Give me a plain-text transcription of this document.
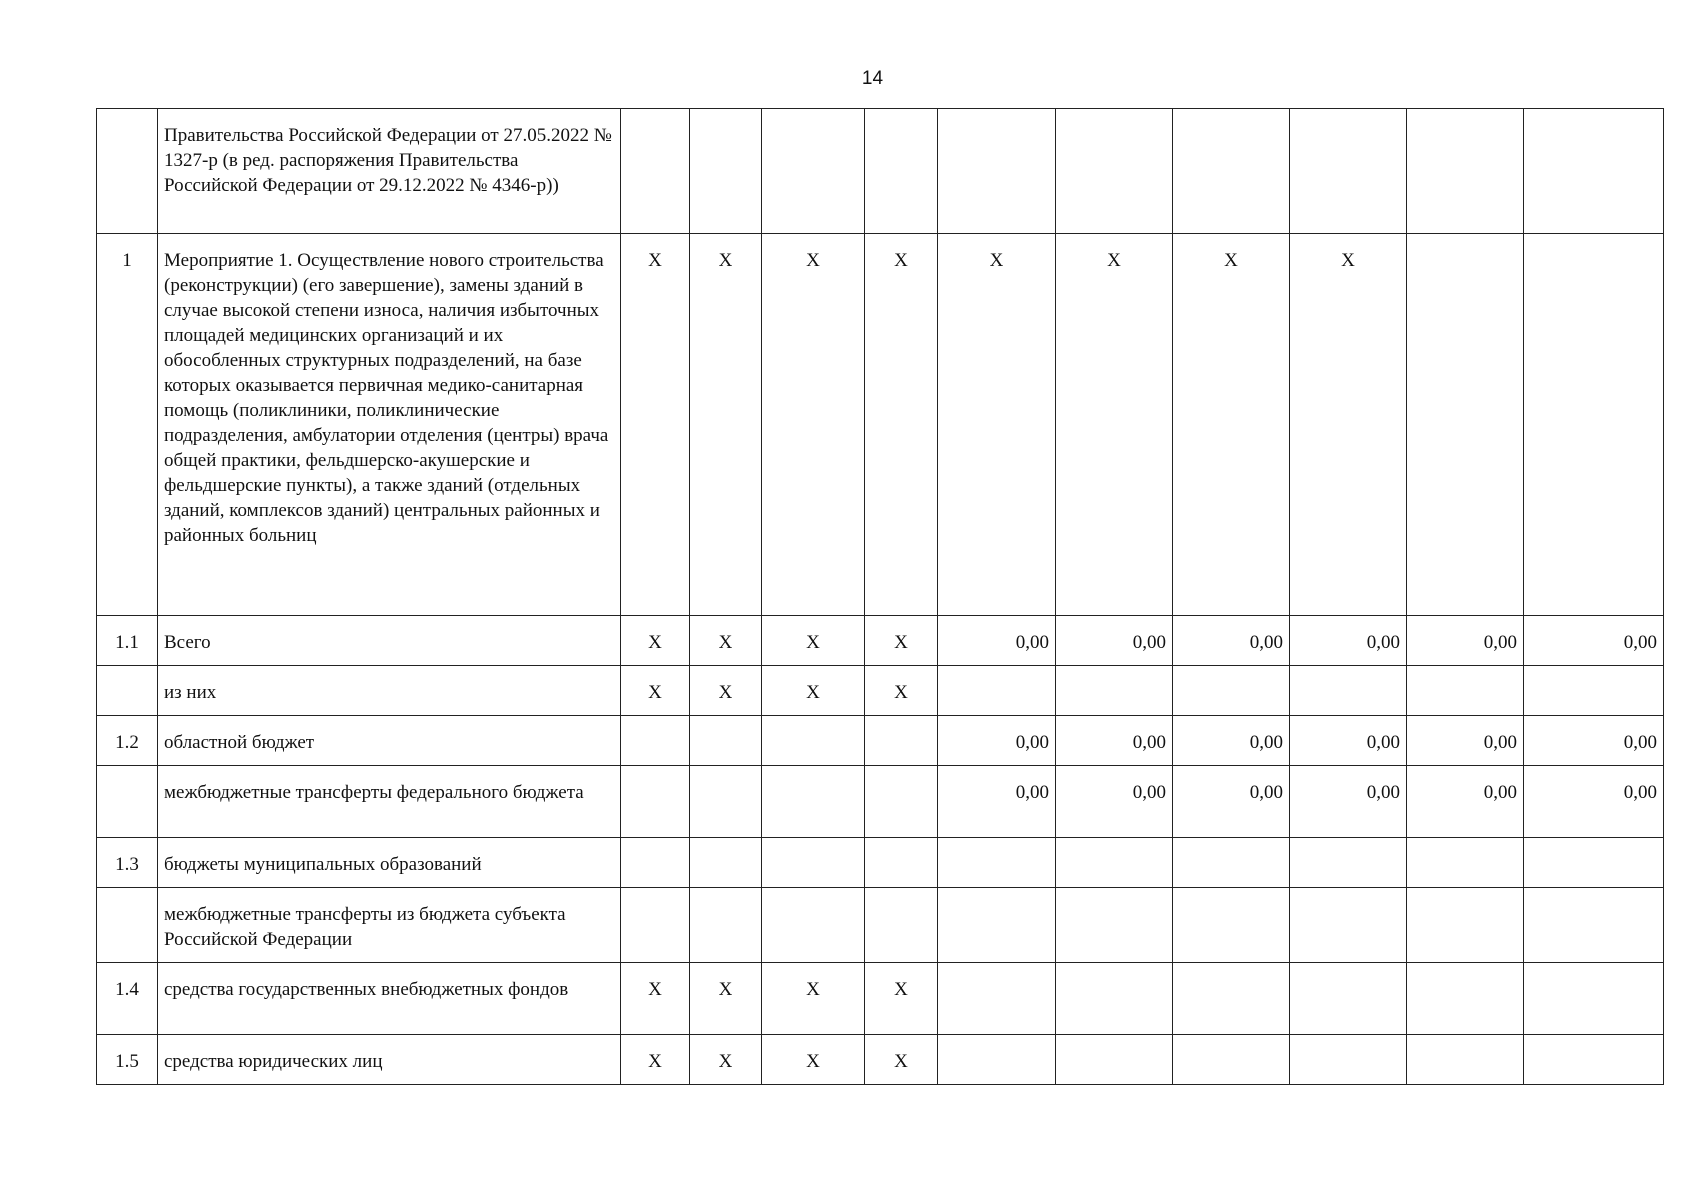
14
	Правительства Российской Федерации от 27.05.2022 № 1327-р (в ред. распоряжения Правительства Российской Федерации от 29.12.2022 № 4346-р))										
1	Мероприятие 1. Осуществление нового строительства (реконструкции) (его завершение), замены зданий в случае высокой степени износа, наличия избыточных площадей медицинских организаций и их обособленных структурных подразделений, на базе которых оказывается первичная медико-санитарная помощь (поликлиники, поликлинические подразделения, амбулатории отделения (центры) врача общей практики, фельдшерско-акушерские и фельдшерские пункты), а также зданий (отдельных зданий, комплексов зданий) центральных районных и районных больниц	X	X	X	X	X	X	X	X		
1.1	Всего	X	X	X	X	0,00	0,00	0,00	0,00	0,00	0,00
	из них	X	X	X	X						
1.2	областной бюджет					0,00	0,00	0,00	0,00	0,00	0,00
	межбюджетные трансферты федерального бюджета					0,00	0,00	0,00	0,00	0,00	0,00
1.3	бюджеты муниципальных образований										
	межбюджетные трансферты из бюджета субъекта Российской Федерации										
1.4	средства государственных внебюджетных фондов	X	X	X	X						
1.5	средства юридических лиц	X	X	X	X						
